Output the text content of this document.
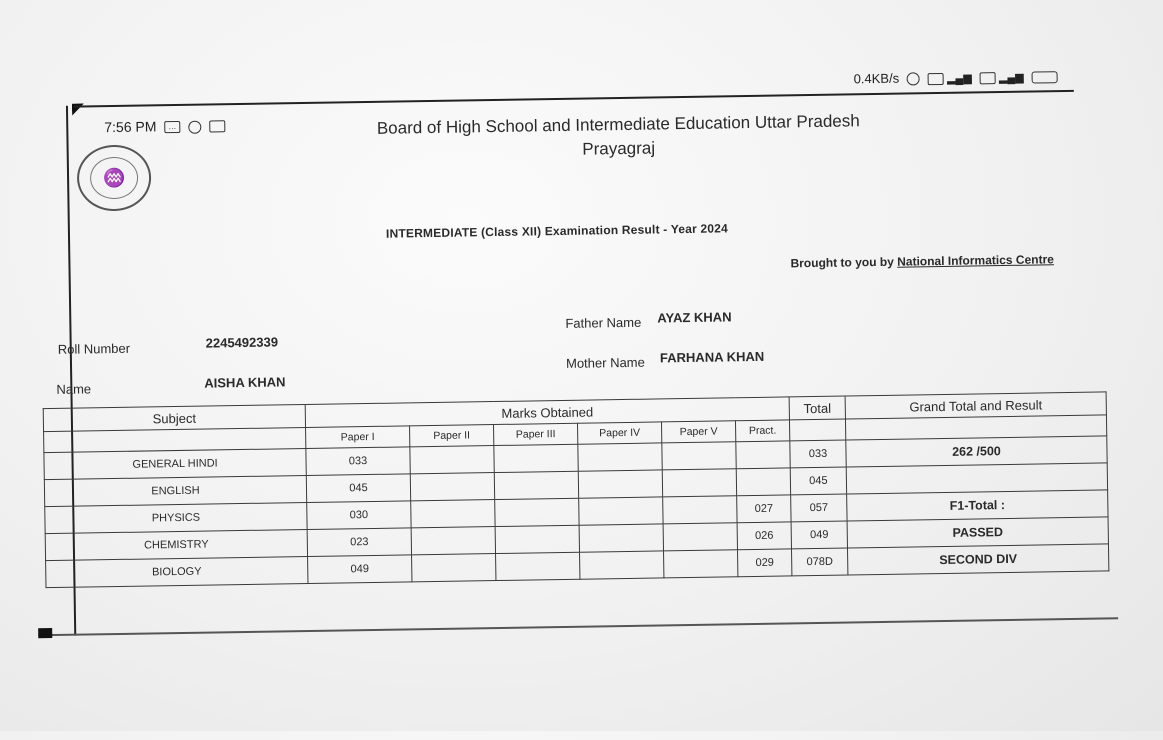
7:56 PM …
0.4KB/s	▂▄▆ ▂▄▆
♒
Board of High School and Intermediate Education Uttar Pradesh
Prayagraj
INTERMEDIATE (Class XII) Examination Result - Year 2024
Brought to you by National Informatics Centre
Roll Number	2245492339
Name	AISHA KHAN
Father Name AYAZ KHAN
Mother Name FARHANA KHAN
Subject	Marks Obtained						Total	Grand Total and Result
	Paper I	Paper II	Paper III	Paper IV	Paper V	Pract.		
GENERAL HINDI	033						033	262 /500
ENGLISH	045						045	
PHYSICS	030					027	057	F1-Total :
CHEMISTRY	023					026	049	PASSED
BIOLOGY	049					029	078D	SECOND DIV
